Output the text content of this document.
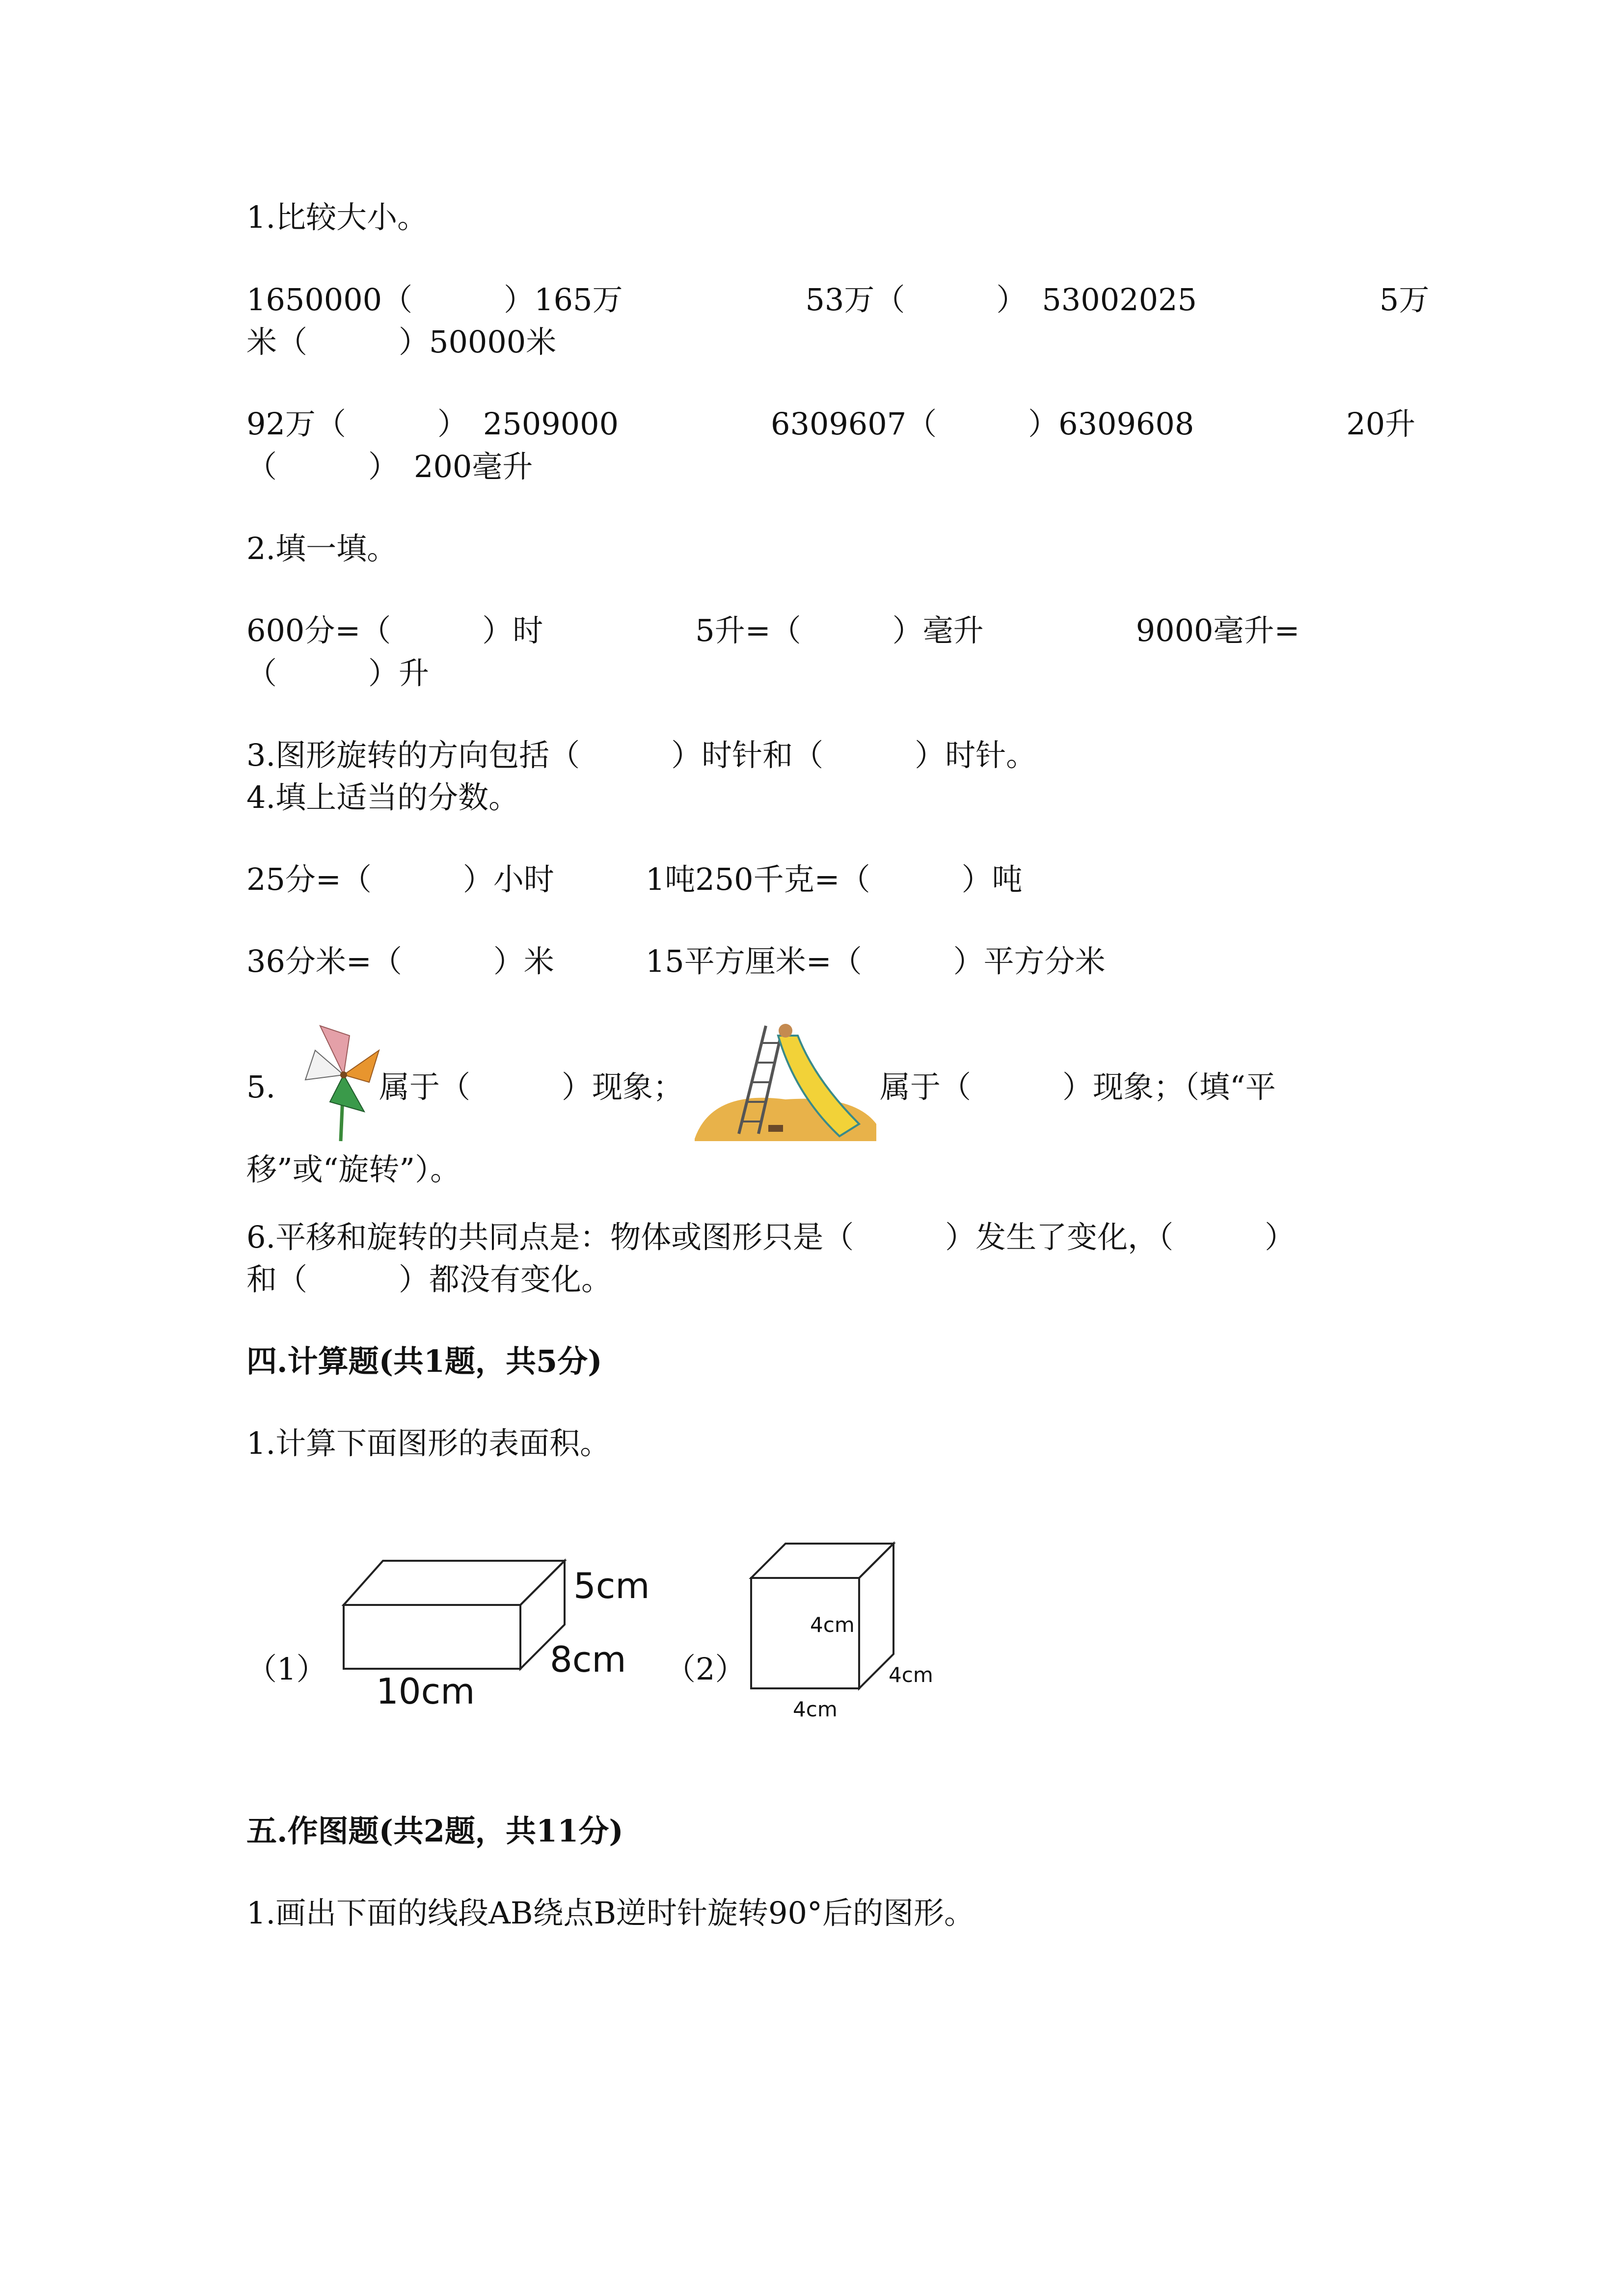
1.比较大小。
1650000（　　　）165万　　　　　　53万（　　　）　53002025　　　　　　5万
米（　　　）50000米
92万（　　　）　2509000　　　　　6309607（　　　）6309608　　　　　20升
（　　　）　200毫升
2.填一填。
600分=（　　　）时　　　　　5升=（　　　）毫升　　　　　9000毫升=
（　　　）升
3.图形旋转的方向包括（　　　）时针和（　　　）时针。
4.填上适当的分数。
25分=（　　　）小时　　　1吨250千克=（　　　）吨
36分米=（　　　）米　　　15平方厘米=（　　　）平方分米
5.	属于（　　　）现象；	属于（　　　）现象；（填“平
移”或“旋转”）。
6.平移和旋转的共同点是：物体或图形只是（　　　）发生了变化，（　　　）
和（　　　）都没有变化。
四.计算题(共1题，共5分)
1.计算下面图形的表面积。
（1）
5cm
8cm
10cm
（2）
4cm
4cm
4cm
五.作图题(共2题，共11分)
1.画出下面的线段AB绕点B逆时针旋转90°后的图形。
